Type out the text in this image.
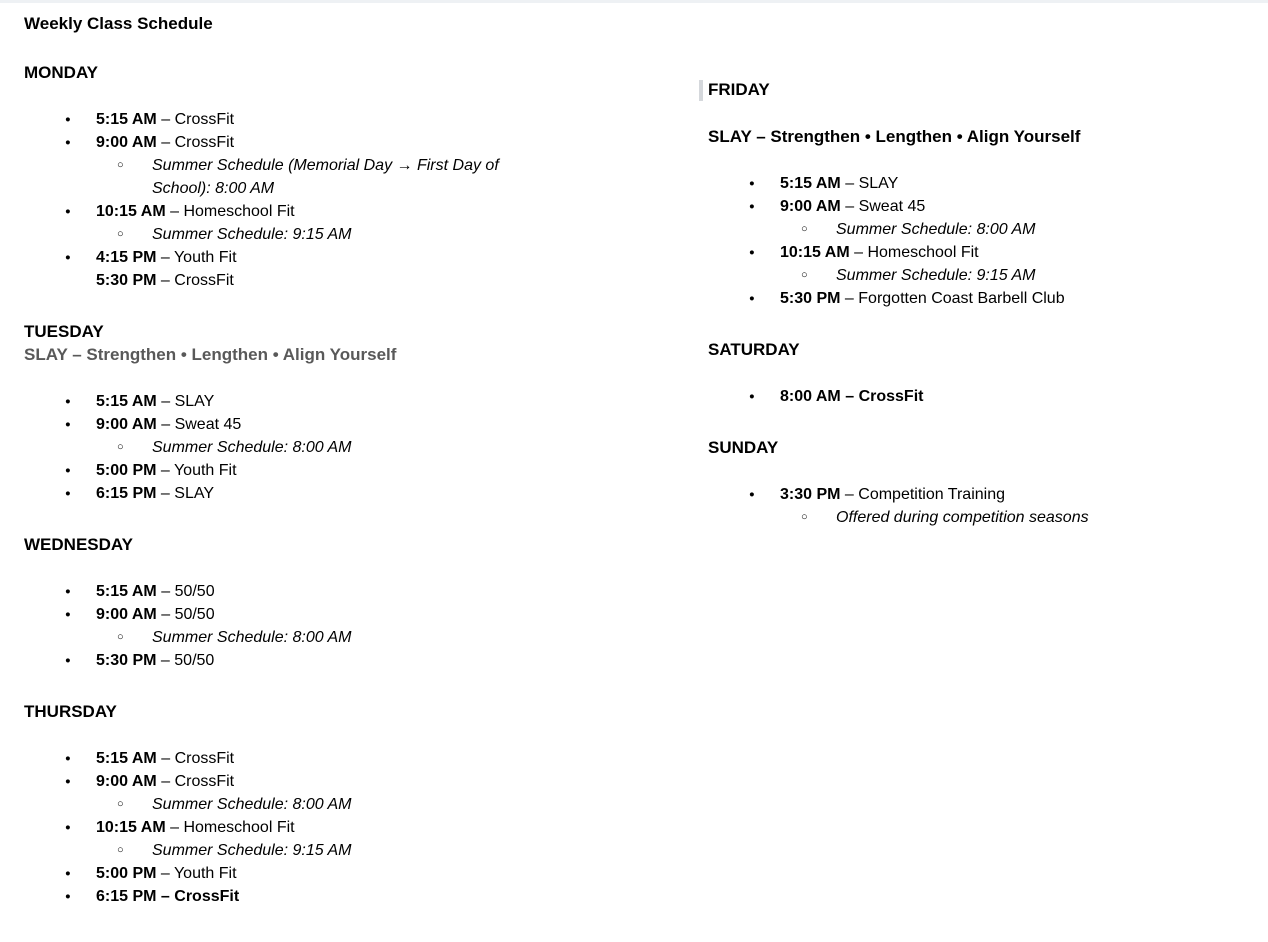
Weekly Class Schedule
MONDAY
● 5:15 AM – CrossFit
● 9:00 AM – CrossFit
○ Summer Schedule (Memorial Day → First Day of School): 8:00 AM
● 10:15 AM – Homeschool Fit
○ Summer Schedule: 9:15 AM
● 4:15 PM – Youth Fit
5:30 PM – CrossFit
TUESDAY

SLAY – Strengthen • Lengthen • Align Yourself

● 5:15 AM – SLAY
● 9:00 AM – Sweat 45
○ Summer Schedule: 8:00 AM
● 5:00 PM – Youth Fit
● 6:15 PM – SLAY
WEDNESDAY
● 5:15 AM – 50/50
● 9:00 AM – 50/50
○ Summer Schedule: 8:00 AM
● 5:30 PM – 50/50
THURSDAY
● 5:15 AM – CrossFit
● 9:00 AM – CrossFit
○ Summer Schedule: 8:00 AM
● 10:15 AM – Homeschool Fit
○ Summer Schedule: 9:15 AM
● 5:00 PM – Youth Fit
● 6:15 PM – CrossFit
FRIDAY

SLAY – Strengthen • Lengthen • Align Yourself

● 5:15 AM – SLAY
● 9:00 AM – Sweat 45
○ Summer Schedule: 8:00 AM
● 10:15 AM – Homeschool Fit
○ Summer Schedule: 9:15 AM
● 5:30 PM – Forgotten Coast Barbell Club
SATURDAY
● 8:00 AM – CrossFit
SUNDAY
● 3:30 PM – Competition Training
○ Offered during competition seasons
